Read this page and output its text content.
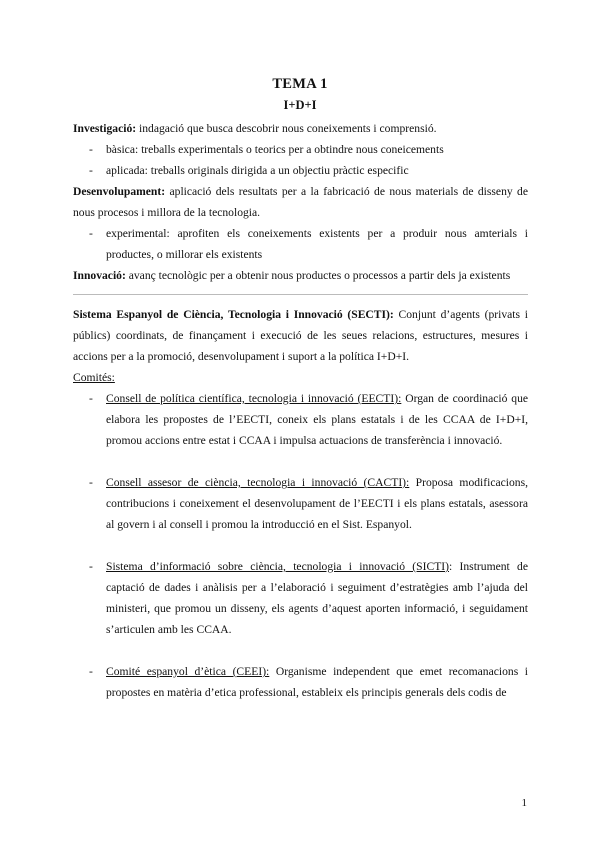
TEMA 1
I+D+I

Investigació: indagació que busca descobrir nous coneixements i comprensió.

- bàsica: treballs experimentals o teorics per a obtindre nous coneicements
- aplicada: treballs originals dirigida a un objectiu pràctic especific

Desenvolupament: aplicació dels resultats per a la fabricació de nous materials de disseny de nous procesos i millora de la tecnologia.

- experimental: aprofiten els coneixements existents per a produir nous amterials i productes, o millorar els existents

Innovació: avanç tecnològic per a obtenir nous productes o processos a partir dels ja existents

Sistema Espanyol de Ciència, Tecnologia i Innovació (SECTI): Conjunt d’agents (privats i públics) coordinats, de finançament i execució de les seues relacions, estructures, mesures i accions per a la promoció, desenvolupament i suport a la política I+D+I.

Comités:

- Consell de política científica, tecnologia i innovació (EECTI): Organ de coordinació que elabora les propostes de l’EECTI, coneix els plans estatals i de les CCAA de I+D+I, promou accions entre estat i CCAA i impulsa actuacions de transferència i innovació.
- Consell assesor de ciència, tecnologia i innovació (CACTI): Proposa modificacions, contribucions i coneixement el desenvolupament de l’EECTI i els plans estatals, asessora al govern i al consell i promou la introducció en el Sist. Espanyol.
- Sistema d’informació sobre ciència, tecnologia i innovació (SICTI): Instrument de captació de dades i anàlisis per a l’elaboració i seguiment d’estratègies amb l’ajuda del ministeri, que promou un disseny, els agents d’aquest aporten informació, i seguidament s’articulen amb les CCAA.
- Comité espanyol d’ètica (CEEI): Organisme independent que emet recomanacions i propostes en matèria d’etica professional, estableix els principis generals dels codis de
1
